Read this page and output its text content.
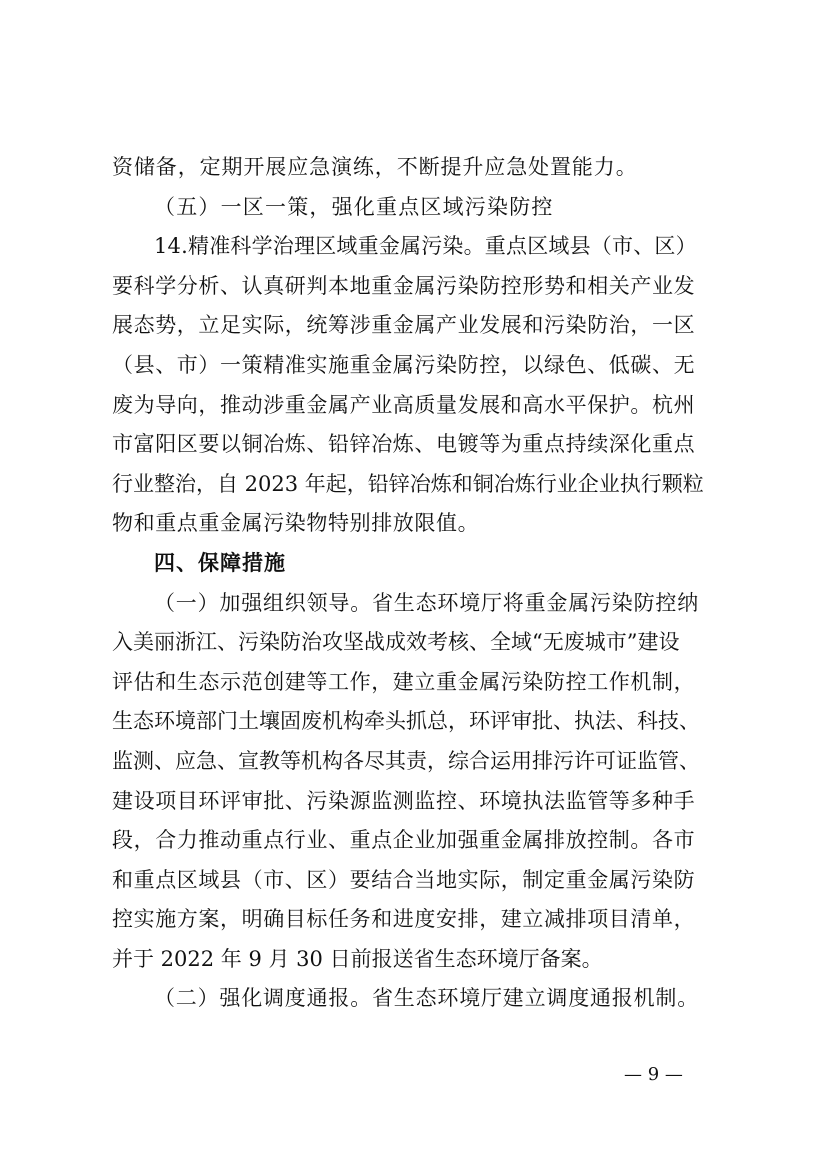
资储备，定期开展应急演练，不断提升应急处置能力。
（五）一区一策，强化重点区域污染防控
14.精准科学治理区域重金属污染。重点区域县（市、区）
要科学分析、认真研判本地重金属污染防控形势和相关产业发
展态势，立足实际，统筹涉重金属产业发展和污染防治，一区
（县、市）一策精准实施重金属污染防控，以绿色、低碳、无
废为导向，推动涉重金属产业高质量发展和高水平保护。杭州
市富阳区要以铜冶炼、铅锌冶炼、电镀等为重点持续深化重点
行业整治，自 2023 年起，铅锌冶炼和铜冶炼行业企业执行颗粒
物和重点重金属污染物特别排放限值。
四、保障措施
（一）加强组织领导。省生态环境厅将重金属污染防控纳
入美丽浙江、污染防治攻坚战成效考核、全域“无废城市”建设
评估和生态示范创建等工作，建立重金属污染防控工作机制，
生态环境部门土壤固废机构牵头抓总，环评审批、执法、科技、
监测、应急、宣教等机构各尽其责，综合运用排污许可证监管、
建设项目环评审批、污染源监测监控、环境执法监管等多种手
段，合力推动重点行业、重点企业加强重金属排放控制。各市
和重点区域县（市、区）要结合当地实际，制定重金属污染防
控实施方案，明确目标任务和进度安排，建立减排项目清单，
并于 2022 年 9 月 30 日前报送省生态环境厅备案。
（二）强化调度通报。省生态环境厅建立调度通报机制。
— 9 —
